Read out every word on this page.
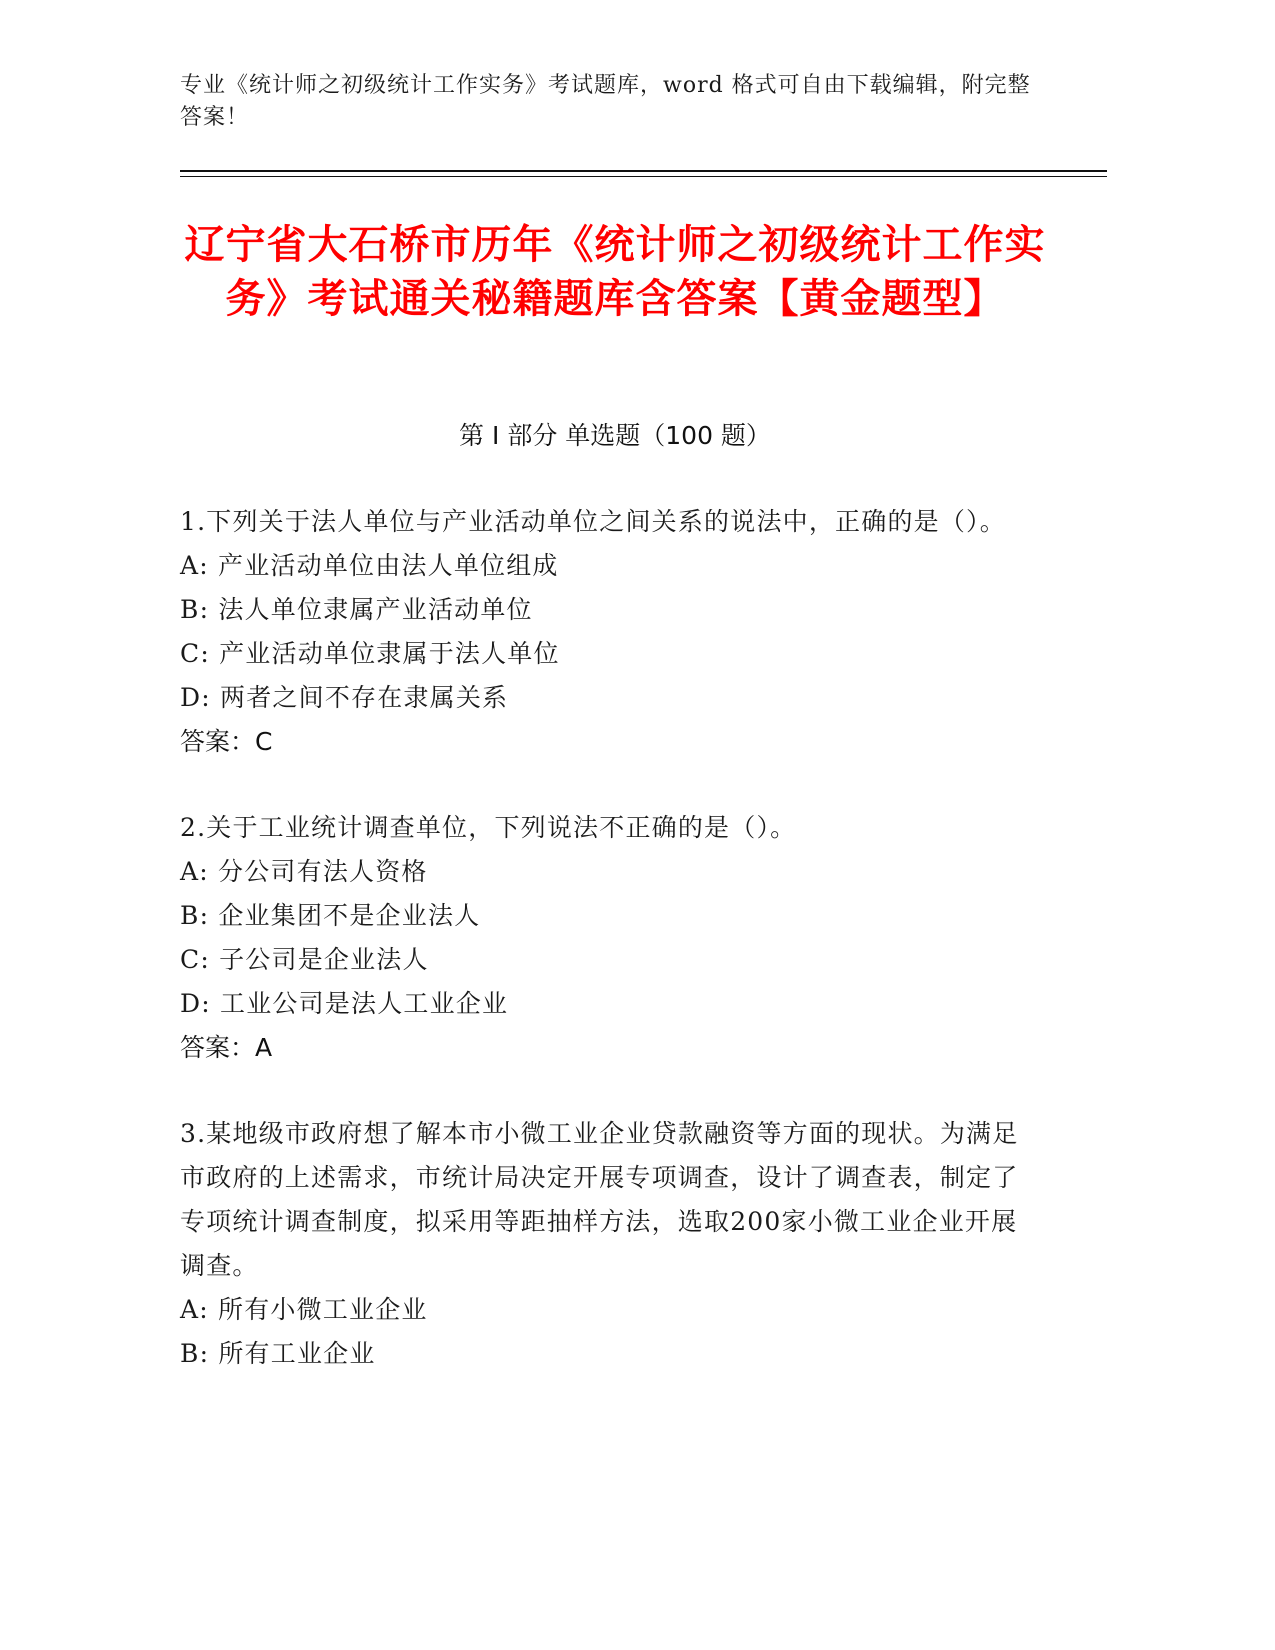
专业《统计师之初级统计工作实务》考试题库，word 格式可自由下载编辑，附完整答案！
辽宁省大石桥市历年《统计师之初级统计工作实务》考试通关秘籍题库含答案【黄金题型】
第 I 部分 单选题（100 题）
1.下列关于法人单位与产业活动单位之间关系的说法中，正确的是（）。
A: 产业活动单位由法人单位组成
B: 法人单位隶属产业活动单位
C: 产业活动单位隶属于法人单位
D: 两者之间不存在隶属关系
答案：C
2.关于工业统计调查单位，下列说法不正确的是（）。
A: 分公司有法人资格
B: 企业集团不是企业法人
C: 子公司是企业法人
D: 工业公司是法人工业企业
答案：A
3.某地级市政府想了解本市小微工业企业贷款融资等方面的现状。为满足市政府的上述需求，市统计局决定开展专项调查，设计了调查表，制定了专项统计调查制度，拟采用等距抽样方法，选取200家小微工业企业开展调查。
A: 所有小微工业企业
B: 所有工业企业
